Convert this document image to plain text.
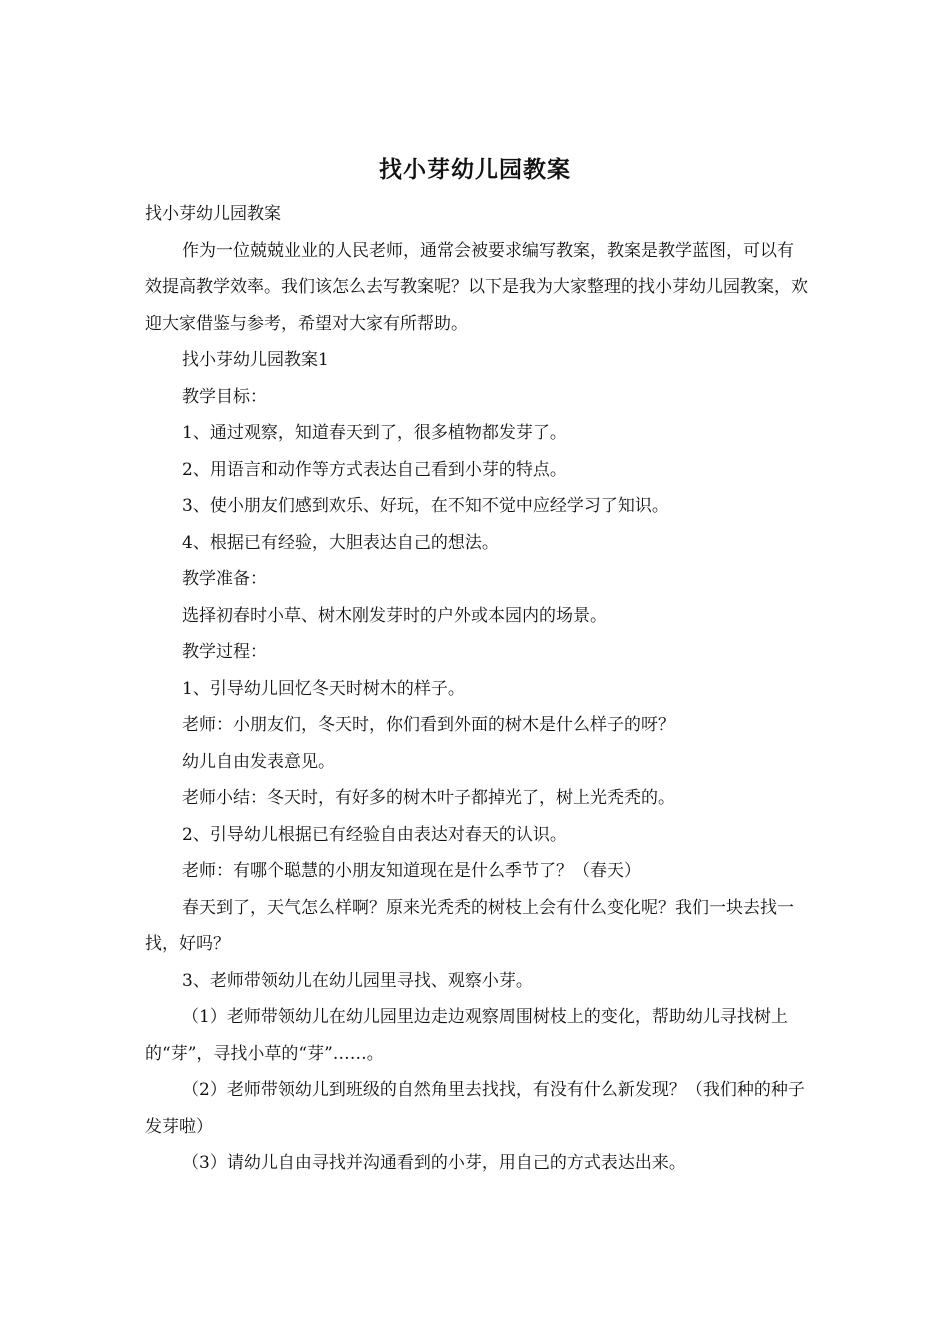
找小芽幼儿园教案

找小芽幼儿园教案

作为一位兢兢业业的人民老师，通常会被要求编写教案，教案是教学蓝图，可以有效提高教学效率。我们该怎么去写教案呢？以下是我为大家整理的找小芽幼儿园教案，欢迎大家借鉴与参考，希望对大家有所帮助。

找小芽幼儿园教案1

教学目标：

1、通过观察，知道春天到了，很多植物都发芽了。

2、用语言和动作等方式表达自己看到小芽的特点。

3、使小朋友们感到欢乐、好玩，在不知不觉中应经学习了知识。

4、根据已有经验，大胆表达自己的想法。

教学准备：

选择初春时小草、树木刚发芽时的户外或本园内的场景。

教学过程：

1、引导幼儿回忆冬天时树木的样子。

老师：小朋友们，冬天时，你们看到外面的树木是什么样子的呀？

幼儿自由发表意见。

老师小结：冬天时，有好多的树木叶子都掉光了，树上光秃秃的。

2、引导幼儿根据已有经验自由表达对春天的认识。

老师：有哪个聪慧的小朋友知道现在是什么季节了？（春天）

春天到了，天气怎么样啊？原来光秃秃的树枝上会有什么变化呢？我们一块去找一找，好吗？

3、老师带领幼儿在幼儿园里寻找、观察小芽。

（1）老师带领幼儿在幼儿园里边走边观察周围树枝上的变化，帮助幼儿寻找树上的“芽”，寻找小草的“芽”……。

（2）老师带领幼儿到班级的自然角里去找找，有没有什么新发现？（我们种的种子发芽啦）

（3）请幼儿自由寻找并沟通看到的小芽，用自己的方式表达出来。
